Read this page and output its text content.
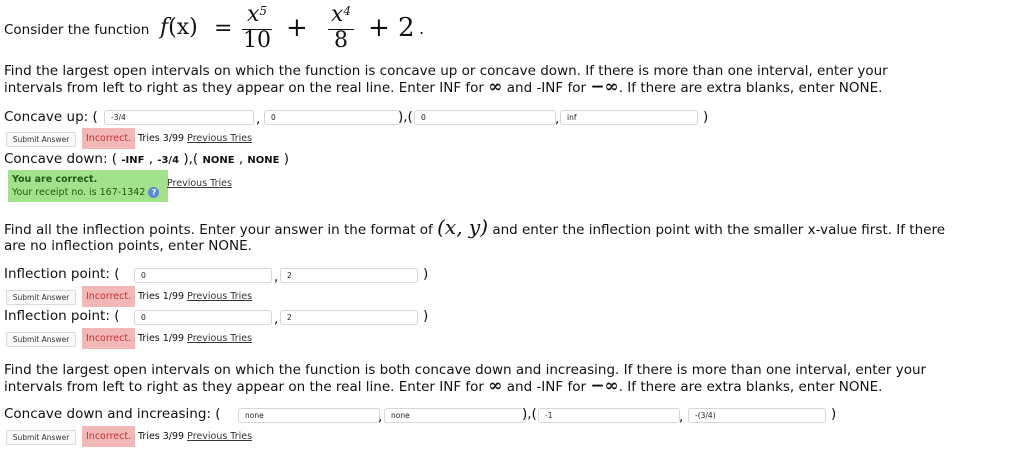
Consider the function f(x) =
$x^5$
$10 + x^4$
8 + 2 .
Find the largest open intervals on which the function is concave up or concave down. If there is more than one interval, enter your
intervals from left to right as they appear on the real line. Enter INF for ∞ and -INF for −∞. If there are extra blanks, enter NONE.
Concave up: (	-3/4	,	0	),(	0	,	inf	)
Submit Answer	Incorrect. Tries 3/99 Previous Tries
Concave down: ( -INF , -3/4 ),( NONE , NONE )
You are correct.
Your receipt no. is 167-1342 ?
Previous Tries
Find all the inflection points. Enter your answer in the format of (x, y) and enter the inflection point with the smaller x-value first. If there
are no inflection points, enter NONE.
Inflection point: (	0	,	2	)
Submit Answer	Incorrect. Tries 1/99 Previous Tries
Inflection point: (	0	,	2	)
Submit Answer	Incorrect. Tries 1/99 Previous Tries
Find the largest open intervals on which the function is both concave down and increasing. If there is more than one interval, enter your
intervals from left to right as they appear on the real line. Enter INF for ∞ and -INF for −∞. If there are extra blanks, enter NONE.
Concave down and increasing: (	none	,	none	),(	-1	,	-(3/4)	)
Submit Answer	Incorrect. Tries 3/99 Previous Tries
